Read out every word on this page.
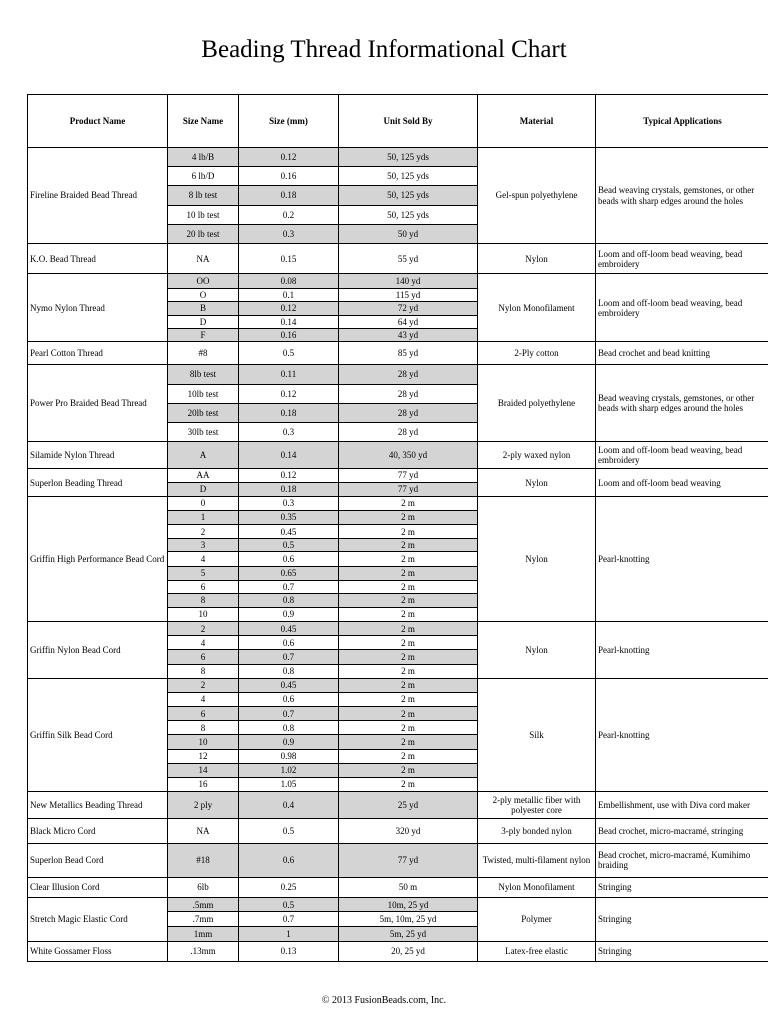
Beading Thread Informational Chart
Product Name	Size Name	Size (mm)	Unit Sold By	Material	Typical Applications
Fireline Braided Bead Thread	4 lb/B	0.12	50, 125 yds	Gel-spun polyethylene	Bead weaving crystals, gemstones, or other beads with sharp edges around the holes
	6 lb/D	0.16	50, 125 yds		
	8 lb test	0.18	50, 125 yds		
	10 lb test	0.2	50, 125 yds		
	20 lb test	0.3	50 yd		
K.O. Bead Thread	NA	0.15	55 yd	Nylon	Loom and off-loom bead weaving, bead embroidery
Nymo Nylon Thread	OO	0.08	140 yd	Nylon Monofilament	Loom and off-loom bead weaving, bead embroidery
	O	0.1	115 yd		
	B	0.12	72 yd		
	D	0.14	64 yd		
	F	0.16	43 yd		
Pearl Cotton Thread	#8	0.5	85 yd	2-Ply cotton	Bead crochet and bead knitting
Power Pro Braided Bead Thread	8lb test	0.11	28 yd	Braided polyethylene	Bead weaving crystals, gemstones, or other beads with sharp edges around the holes
	10lb test	0.12	28 yd		
	20lb test	0.18	28 yd		
	30lb test	0.3	28 yd		
Silamide Nylon Thread	A	0.14	40, 350 yd	2-ply waxed nylon	Loom and off-loom bead weaving, bead embroidery
Superlon Beading Thread	AA	0.12	77 yd	Nylon	Loom and off-loom bead weaving
	D	0.18	77 yd		
Griffin High Performance Bead Cord	0	0.3	2 m	Nylon	Pearl-knotting
	1	0.35	2 m		
	2	0.45	2 m		
	3	0.5	2 m		
	4	0.6	2 m		
	5	0.65	2 m		
	6	0.7	2 m		
	8	0.8	2 m		
	10	0.9	2 m		
Griffin Nylon Bead Cord	2	0.45	2 m	Nylon	Pearl-knotting
	4	0.6	2 m		
	6	0.7	2 m		
	8	0.8	2 m		
Griffin Silk Bead Cord	2	0.45	2 m	Silk	Pearl-knotting
	4	0.6	2 m		
	6	0.7	2 m		
	8	0.8	2 m		
	10	0.9	2 m		
	12	0.98	2 m		
	14	1.02	2 m		
	16	1.05	2 m		
New Metallics Beading Thread	2 ply	0.4	25 yd	2-ply metallic fiber with polyester core	Embellishment, use with Diva cord maker
Black Micro Cord	NA	0.5	320 yd	3-ply bonded nylon	Bead crochet, micro-macramé, stringing
Superlon Bead Cord	#18	0.6	77 yd	Twisted, multi-filament nylon	Bead crochet, micro-macramé, Kumihimo braiding
Clear Illusion Cord	6lb	0.25	50 m	Nylon Monofilament	Stringing
Stretch Magic Elastic Cord	.5mm	0.5	10m, 25 yd	Polymer	Stringing
	.7mm	0.7	5m, 10m, 25 yd		
	1mm	1	5m, 25 yd		
White Gossamer Floss	.13mm	0.13	20, 25 yd	Latex-free elastic	Stringing
© 2013 FusionBeads.com, Inc.
